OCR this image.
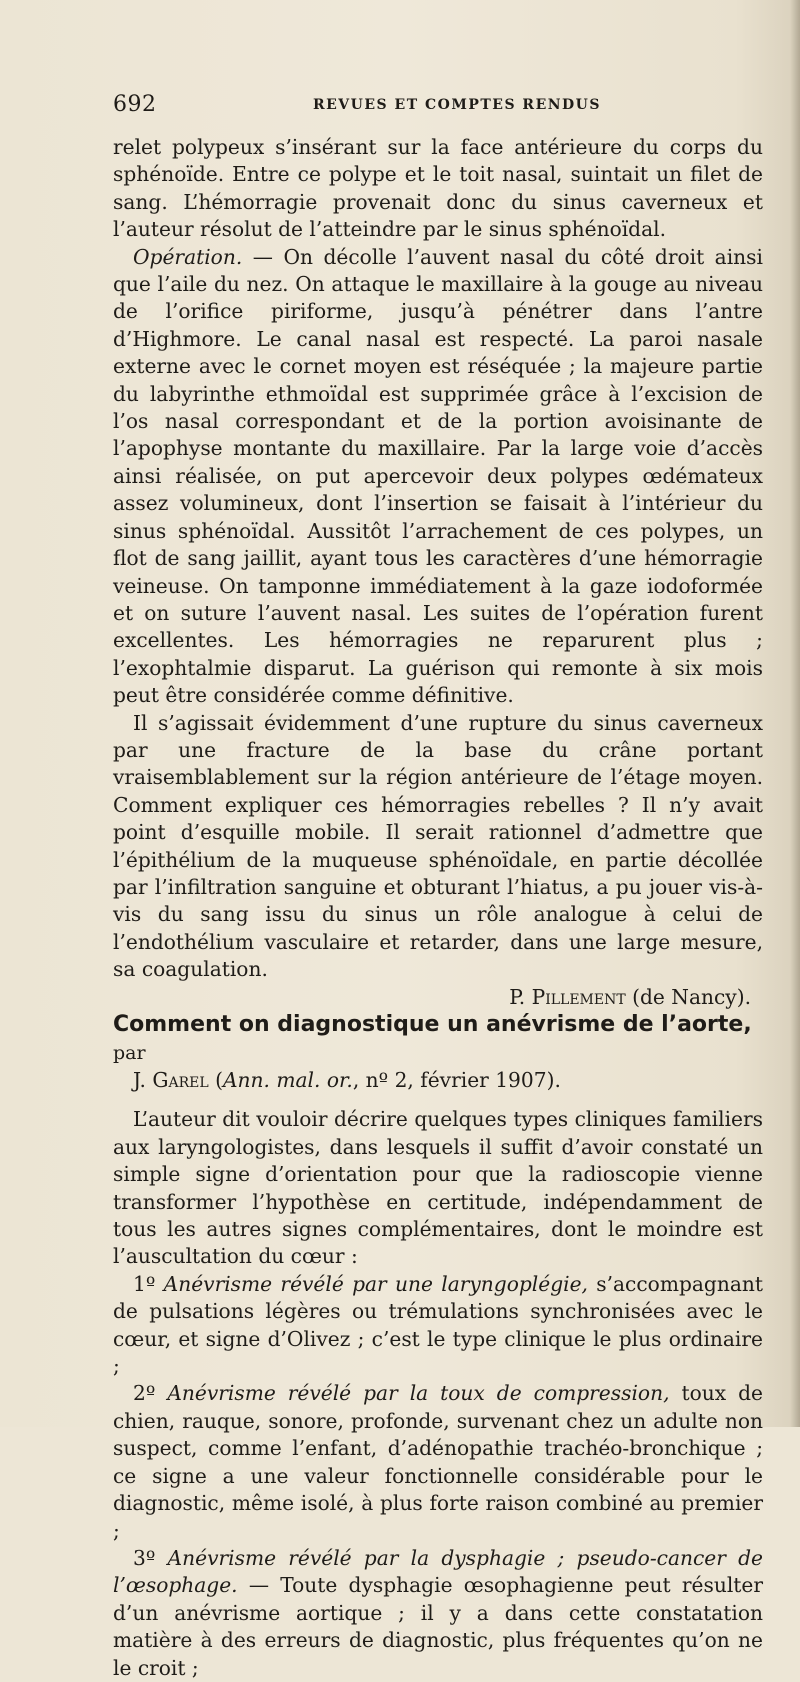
692	REVUES ET COMPTES RENDUS

relet polypeux s’insérant sur la face antérieure du corps du sphénoïde. Entre ce polype et le toit nasal, suintait un filet de sang. L’hémorragie provenait donc du sinus caverneux et l’auteur résolut de l’atteindre par le sinus sphénoïdal.

Opération. — On décolle l’auvent nasal du côté droit ainsi que l’aile du nez. On attaque le maxillaire à la gouge au niveau de l’orifice piriforme, jusqu’à pénétrer dans l’antre d’Highmore. Le canal nasal est respecté. La paroi nasale externe avec le cornet moyen est réséquée ; la majeure partie du labyrinthe ethmoïdal est supprimée grâce à l’excision de l’os nasal correspondant et de la portion avoisinante de l’apophyse montante du maxillaire. Par la large voie d’accès ainsi réalisée, on put apercevoir deux polypes œdémateux assez volumineux, dont l’insertion se faisait à l’intérieur du sinus sphénoïdal. Aussitôt l’arrachement de ces polypes, un flot de sang jaillit, ayant tous les caractères d’une hémorragie veineuse. On tamponne immédiatement à la gaze iodoformée et on suture l’auvent nasal. Les suites de l’opération furent excellentes. Les hémorragies ne reparurent plus ; l’exophtalmie disparut. La guérison qui remonte à six mois peut être considérée comme définitive.

Il s’agissait évidemment d’une rupture du sinus caverneux par une fracture de la base du crâne portant vraisemblablement sur la région antérieure de l’étage moyen. Comment expliquer ces hémorragies rebelles ? Il n’y avait point d’esquille mobile. Il serait rationnel d’admettre que l’épithélium de la muqueuse sphénoïdale, en partie décollée par l’infiltration sanguine et obturant l’hiatus, a pu jouer vis-à-vis du sang issu du sinus un rôle analogue à celui de l’endothélium vasculaire et retarder, dans une large mesure, sa coagulation.

P. Pillement (de Nancy).

Comment on diagnostique un anévrisme de l’aorte, par

J. Garel (Ann. mal. or., nº 2, février 1907).

L’auteur dit vouloir décrire quelques types cliniques familiers aux laryngologistes, dans lesquels il suffit d’avoir constaté un simple signe d’orientation pour que la radioscopie vienne transformer l’hypothèse en certitude, indépendamment de tous les autres signes complémentaires, dont le moindre est l’auscultation du cœur :

1º Anévrisme révélé par une laryngoplégie, s’accompagnant de pulsations légères ou trémulations synchronisées avec le cœur, et signe d’Olivez ; c’est le type clinique le plus ordinaire ;

2º Anévrisme révélé par la toux de compression, toux de chien, rauque, sonore, profonde, survenant chez un adulte non suspect, comme l’enfant, d’adénopathie trachéo-bronchique ; ce signe a une valeur fonctionnelle considérable pour le diagnostic, même isolé, à plus forte raison combiné au premier ;

3º Anévrisme révélé par la dysphagie ; pseudo-cancer de l’œsophage. — Toute dysphagie œsophagienne peut résulter d’un anévrisme aortique ; il y a dans cette constatation matière à des erreurs de diagnostic, plus fréquentes qu’on ne le croit ;
